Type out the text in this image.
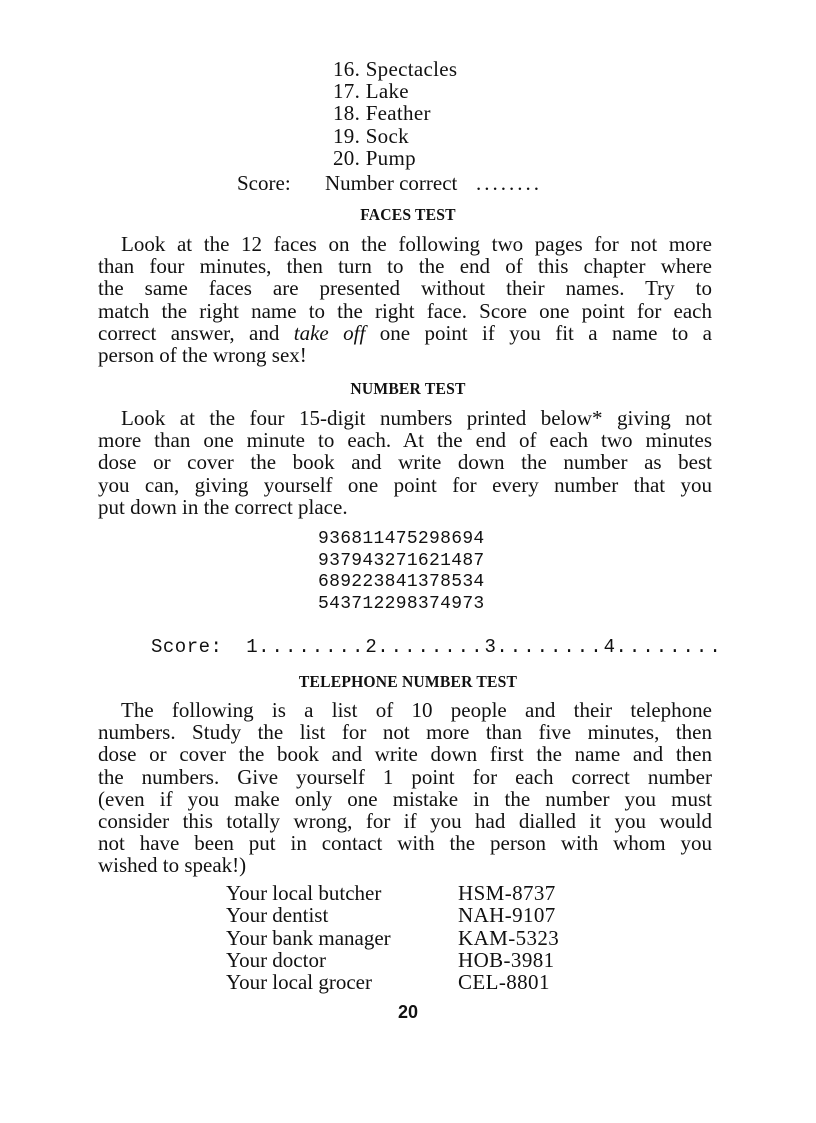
16. Spectacles
17. Lake
18. Feather
19. Sock
20. Pump
Score: Number correct ........
FACES TEST
Look at the 12 faces on the following two pages for not more
than four minutes, then turn to the end of this chapter where
the same faces are presented without their names. Try to
match the right name to the right face. Score one point for each
correct answer, and take off one point if you fit a name to a
person of the wrong sex!
NUMBER TEST
Look at the four 15-digit numbers printed below* giving not
more than one minute to each. At the end of each two minutes
dose or cover the book and write down the number as best
you can, giving yourself one point for every number that you
put down in the correct place.
936811475298694
937943271621487
689223841378534
543712298374973
Score: 1........2........3........4........
TELEPHONE NUMBER TEST
The following is a list of 10 people and their telephone
numbers. Study the list for not more than five minutes, then
dose or cover the book and write down first the name and then
the numbers. Give yourself 1 point for each correct number
(even if you make only one mistake in the number you must
consider this totally wrong, for if you had dialled it you would
not have been put in contact with the person with whom you
wished to speak!)
Your local butcher	HSM-8737
Your dentist	NAH-9107
Your bank manager	KAM-5323
Your doctor	HOB-3981
Your local grocer	CEL-8801
20
